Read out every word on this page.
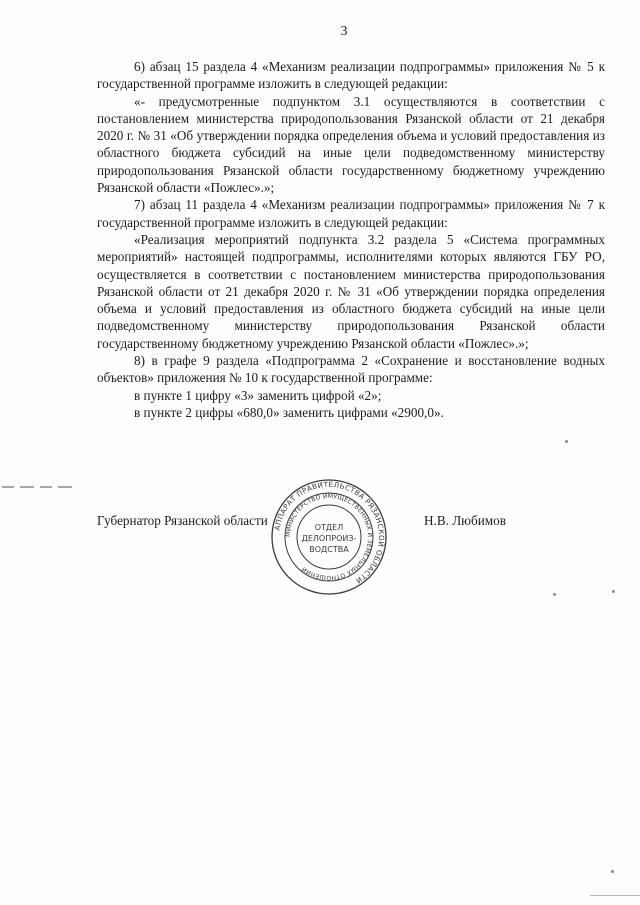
3

6) абзац 15 раздела 4 «Механизм реализации подпрограммы» приложения № 5 к государственной программе изложить в следующей редакции:

«- предусмотренные подпунктом 3.1 осуществляются в соответствии с постановлением министерства природопользования Рязанской области от 21 декабря 2020 г. № 31 «Об утверждении порядка определения объема и условий предоставления из областного бюджета субсидий на иные цели подведомственному министерству природопользования Рязанской области государственному бюджетному учреждению Рязанской области «Пожлес».»;

7) абзац 11 раздела 4 «Механизм реализации подпрограммы» приложения № 7 к государственной программе изложить в следующей редакции:

«Реализация мероприятий подпункта 3.2 раздела 5 «Система программных мероприятий» настоящей подпрограммы, исполнителями которых являются ГБУ РО, осуществляется в соответствии с постановлением министерства природопользования Рязанской области от 21 декабря 2020 г. № 31 «Об утверждении порядка определения объема и условий предоставления из областного бюджета субсидий на иные цели подведомственному министерству природопользования Рязанской области государственному бюджетному учреждению Рязанской области «Пожлес».»;

8) в графе 9 раздела «Подпрограмма 2 «Сохранение и восстановление водных объектов» приложения № 10 к государственной программе:

в пункте 1 цифру «3» заменить цифрой «2»;

в пункте 2 цифры «680,0» заменить цифрами «2900,0».

Губернатор Рязанской области	Н.В. Любимов
АППАРАТ ПРАВИТЕЛЬСТВА РЯЗАНСКОЙ ОБЛАСТИ
МИНИСТЕРСТВО ИМУЩЕСТВЕННЫХ И ЗЕМЕЛЬНЫХ ОТНОШЕНИЙ
ОТДЕЛ
ДЕЛОПРОИЗ-
ВОДСТВА
